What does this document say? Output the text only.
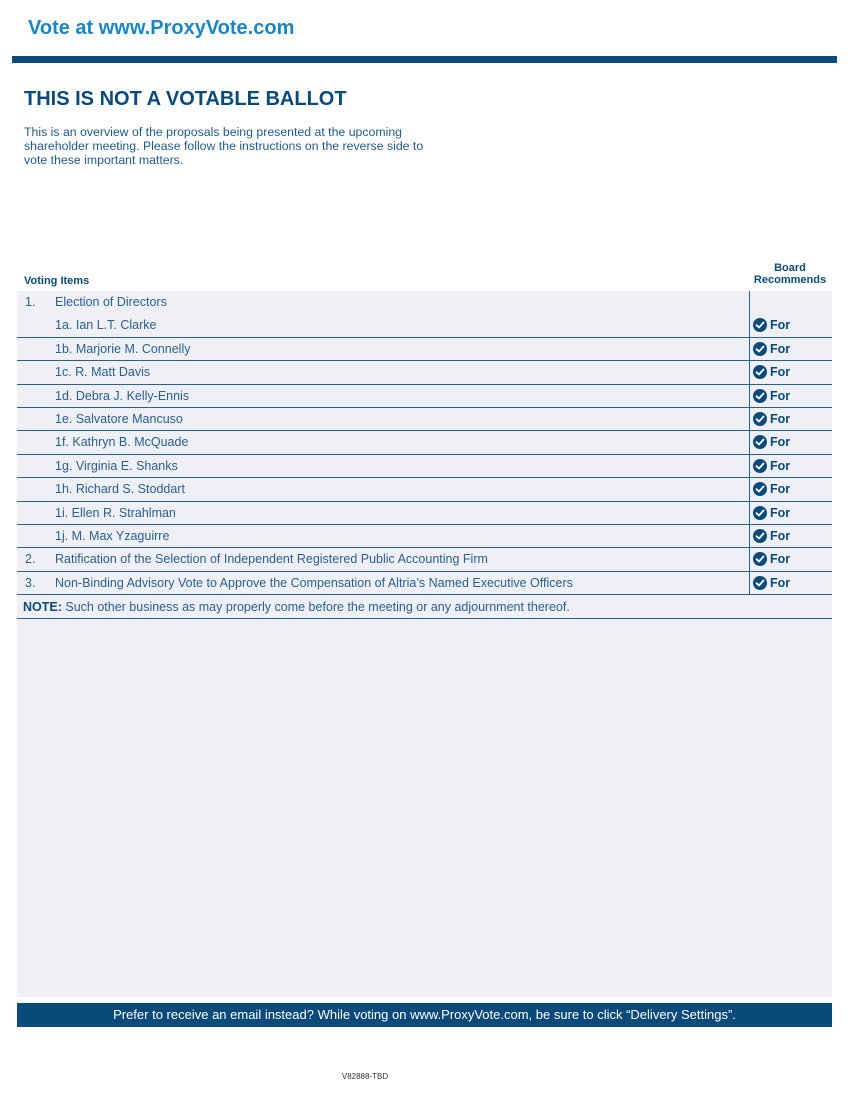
Vote at www.ProxyVote.com
THIS IS NOT A VOTABLE BALLOT
This is an overview of the proposals being presented at the upcoming shareholder meeting. Please follow the instructions on the reverse side to vote these important matters.
Voting Items
Board
Recommends
1. Election of Directors
1a. Ian L.T. Clarke	For
1b. Marjorie M. Connelly	For
1c. R. Matt Davis	For
1d. Debra J. Kelly-Ennis	For
1e. Salvatore Mancuso	For
1f. Kathryn B. McQuade	For
1g. Virginia E. Shanks	For
1h. Richard S. Stoddart	For
1i. Ellen R. Strahlman	For
1j. M. Max Yzaguirre	For
2. Ratification of the Selection of Independent Registered Public Accounting Firm	For
3. Non-Binding Advisory Vote to Approve the Compensation of Altria’s Named Executive Officers	For
NOTE: Such other business as may properly come before the meeting or any adjournment thereof.
Prefer to receive an email instead? While voting on www.ProxyVote.com, be sure to click “Delivery Settings”.
V82888-TBD
